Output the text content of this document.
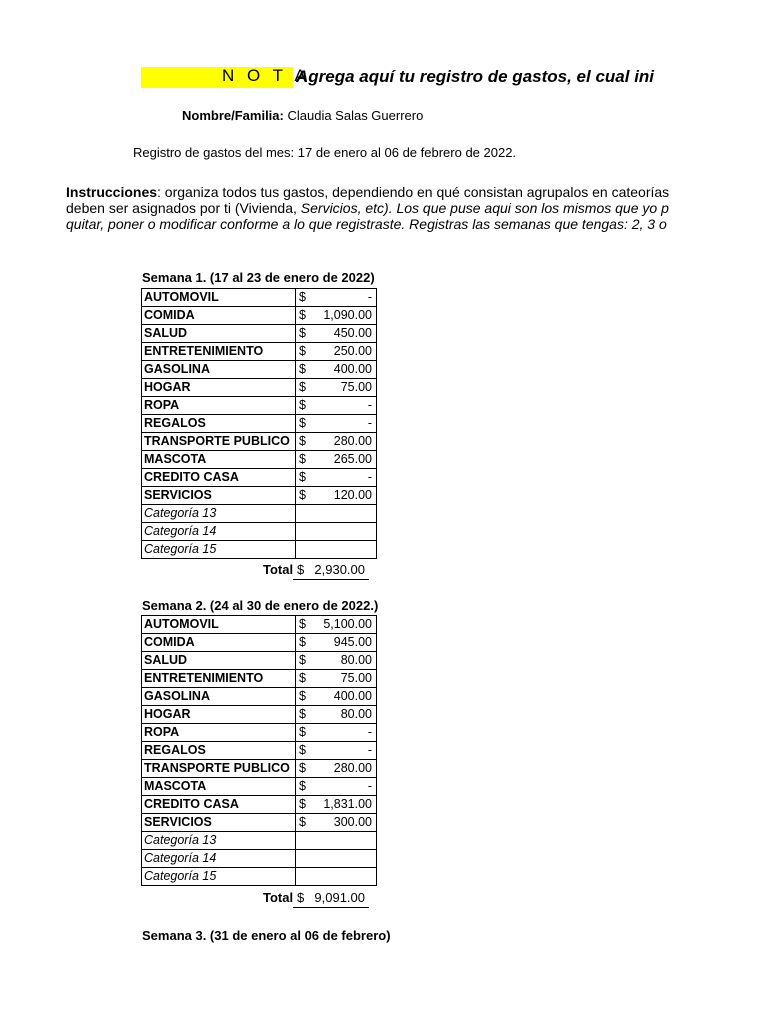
N O T A
Agrega aquí tu registro de gastos, el cual ini
Nombre/Familia: Claudia Salas Guerrero
Registro de gastos del mes: 17 de enero al 06 de febrero de 2022.
Instrucciones: organiza todos tus gastos, dependiendo en qué consistan agrupalos en cateorías
deben ser asignados por ti (Vivienda, Servicios, etc). Los que puse aqui son los mismos que yo p
quitar, poner o modificar conforme a lo que registraste. Registras las semanas que tengas: 2, 3 o
Semana 1. (17 al 23 de enero de 2022)
AUTOMOVIL	$ -

COMIDA	$ 1,090.00

SALUD	$ 450.00

ENTRETENIMIENTO	$ 250.00

GASOLINA	$ 400.00

HOGAR	$ 75.00

ROPA	$ -

REGALOS	$ -

TRANSPORTE PUBLICO	$ 280.00

MASCOTA	$ 265.00

CREDITO CASA	$ -

SERVICIOS	$ 120.00

Categoría 13	
Categoría 14	
Categoría 15	
Total $ 2,930.00
Semana 2. (24 al 30 de enero de 2022.)
AUTOMOVIL	$ 5,100.00

COMIDA	$ 945.00

SALUD	$ 80.00

ENTRETENIMIENTO	$ 75.00

GASOLINA	$ 400.00

HOGAR	$ 80.00

ROPA	$ -

REGALOS	$ -

TRANSPORTE PUBLICO	$ 280.00

MASCOTA	$ -

CREDITO CASA	$ 1,831.00

SERVICIOS	$ 300.00

Categoría 13	
Categoría 14	
Categoría 15	
Total $ 9,091.00
Semana 3. (31 de enero al 06 de febrero)
